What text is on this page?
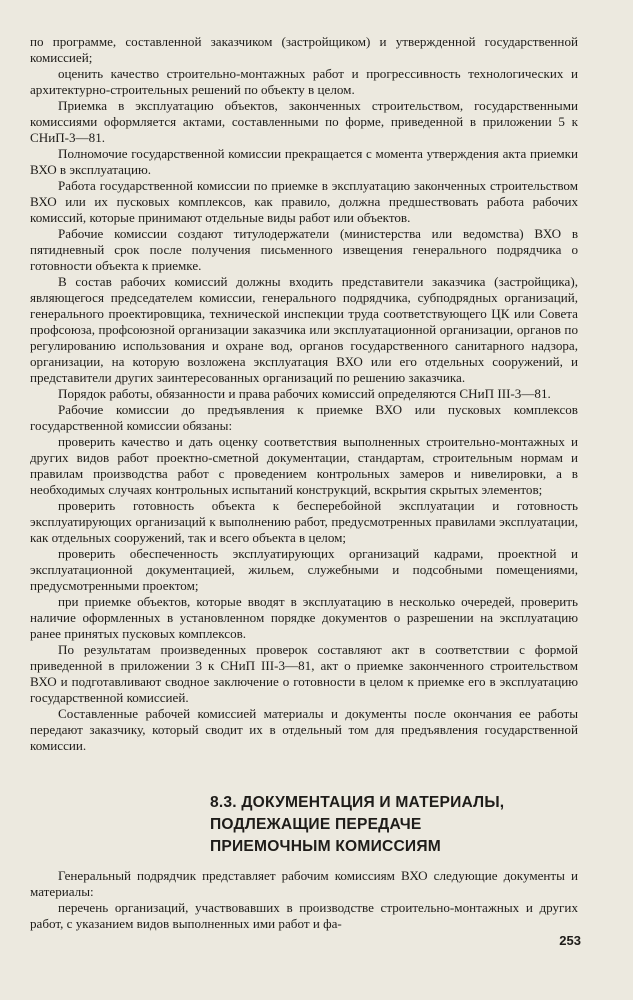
по программе, составленной заказчиком (застройщиком) и утвержденной государственной комиссией;

оценить качество строительно-монтажных работ и прогрессивность технологических и архитектурно-строительных решений по объекту в целом.

Приемка в эксплуатацию объектов, законченных строительством, государственными комиссиями оформляется актами, составленными по форме, приведенной в приложении 5 к СНиП-3—81.

Полномочие государственной комиссии прекращается с момента утверждения акта приемки ВХО в эксплуатацию.

Работа государственной комиссии по приемке в эксплуатацию законченных строительством ВХО или их пусковых комплексов, как правило, должна предшествовать работа рабочих комиссий, которые принимают отдельные виды работ или объектов.

Рабочие комиссии создают титулодержатели (министерства или ведомства) ВХО в пятидневный срок после получения письменного извещения генерального подрядчика о готовности объекта к приемке.

В состав рабочих комиссий должны входить представители заказчика (застройщика), являющегося председателем комиссии, генерального подрядчика, субподрядных организаций, генерального проектировщика, технической инспекции труда соответствующего ЦК или Совета профсоюза, профсоюзной организации заказчика или эксплуатационной организации, органов по регулированию использования и охране вод, органов государственного санитарного надзора, организации, на которую возложена эксплуатация ВХО или его отдельных сооружений, и представители других заинтересованных организаций по решению заказчика.

Порядок работы, обязанности и права рабочих комиссий определяются СНиП III-3—81.

Рабочие комиссии до предъявления к приемке ВХО или пусковых комплексов государственной комиссии обязаны:

проверить качество и дать оценку соответствия выполненных строительно-монтажных и других видов работ проектно-сметной документации, стандартам, строительным нормам и правилам производства работ с проведением контрольных замеров и нивелировки, а в необходимых случаях контрольных испытаний конструкций, вскрытия скрытых элементов;

проверить готовность объекта к бесперебойной эксплуатации и готовность эксплуатирующих организаций к выполнению работ, предусмотренных правилами эксплуатации, как отдельных сооружений, так и всего объекта в целом;

проверить обеспеченность эксплуатирующих организаций кадрами, проектной и эксплуатационной документацией, жильем, служебными и подсобными помещениями, предусмотренными проектом;

при приемке объектов, которые вводят в эксплуатацию в несколько очередей, проверить наличие оформленных в установленном порядке документов о разрешении на эксплуатацию ранее принятых пусковых комплексов.

По результатам произведенных проверок составляют акт в соответствии с формой приведенной в приложении 3 к СНиП III-3—81, акт о приемке законченного строительством ВХО и подготавливают сводное заключение о готовности в целом к приемке его в эксплуатацию государственной комиссией.

Составленные рабочей комиссией материалы и документы после окончания ее работы передают заказчику, который сводит их в отдельный том для предъявления государственной комиссии.

8.3. ДОКУМЕНТАЦИЯ И МАТЕРИАЛЫ,
ПОДЛЕЖАЩИЕ ПЕРЕДАЧЕ
ПРИЕМОЧНЫМ КОМИССИЯМ

Генеральный подрядчик представляет рабочим комиссиям ВХО следующие документы и материалы:

перечень организаций, участвовавших в производстве строительно-монтажных и других работ, с указанием видов выполненных ими работ и фа-

253
